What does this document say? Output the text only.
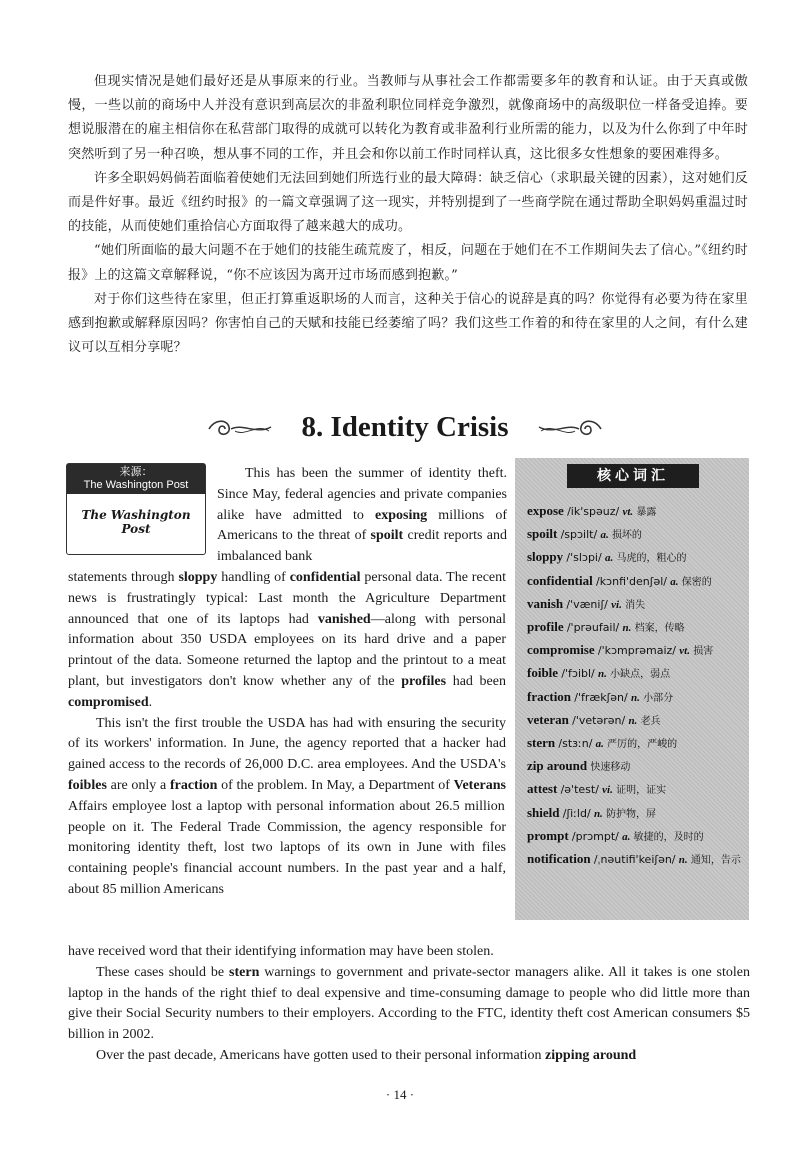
但现实情况是她们最好还是从事原来的行业。当教师与从事社会工作都需要多年的教育和认证。由于天真或傲慢，一些以前的商场中人并没有意识到高层次的非盈利职位同样竞争激烈，就像商场中的高级职位一样备受追捧。要想说服潜在的雇主相信你在私营部门取得的成就可以转化为教育或非盈利行业所需的能力，以及为什么你到了中年时突然听到了另一种召唤，想从事不同的工作，并且会和你以前工作时同样认真，这比很多女性想象的要困难得多。

许多全职妈妈倘若面临着使她们无法回到她们所选行业的最大障碍：缺乏信心（求职最关键的因素），这对她们反而是件好事。最近《纽约时报》的一篇文章强调了这一现实，并特别提到了一些商学院在通过帮助全职妈妈重温过时的技能，从而使她们重拾信心方面取得了越来越大的成功。

“她们所面临的最大问题不在于她们的技能生疏荒废了，相反，问题在于她们在不工作期间失去了信心。”《纽约时报》上的这篇文章解释说，“你不应该因为离开过市场而感到抱歉。”

对于你们这些待在家里，但正打算重返职场的人而言，这种关于信心的说辞是真的吗？你觉得有必要为待在家里感到抱歉或解释原因吗？你害怕自己的天赋和技能已经萎缩了吗？我们这些工作着的和待在家里的人之间，有什么建议可以互相分享呢？

8. Identity Crisis
来源：
The Washington Post
The Washington Post
核心词汇
expose /ik'spəuz/ vt. 暴露
spoilt /spɔilt/ a. 损坏的
sloppy /'slɔpi/ a. 马虎的，粗心的
confidential /kɔnfi'denʃəl/ a. 保密的
vanish /'væniʃ/ vi. 消失
profile /'prəufail/ n. 档案，传略
compromise /'kɔmprəmaiz/ vt. 损害
foible /'fɔibl/ n. 小缺点，弱点
fraction /'frækʃən/ n. 小部分
veteran /'vetərən/ n. 老兵
stern /stɜːn/ a. 严厉的，严峻的
zip around 快速移动
attest /ə'test/ vi. 证明，证实
shield /ʃiːld/ n. 防护物，屏
prompt /prɔmpt/ a. 敏捷的，及时的
notification /ˌnəutifi'keiʃən/ n. 通知，告示

This has been the summer of identity theft. Since May, federal agencies and private companies alike have admitted to exposing millions of Americans to the threat of spoilt credit reports and imbalanced bank

statements through sloppy handling of confidential personal data. The recent news is frustratingly typical: Last month the Agriculture Department announced that one of its laptops had vanished—along with personal information about 350 USDA employees on its hard drive and a paper printout of the data. Someone returned the laptop and the printout to a meat plant, but investigators don't know whether any of the profiles had been compromised.

This isn't the first trouble the USDA has had with ensuring the security of its workers' information. In June, the agency reported that a hacker had gained access to the records of 26,000 D.C. area employees. And the USDA's foibles are only a fraction of the problem. In May, a Department of Veterans Affairs employee lost a laptop with personal information about 26.5 million people on it. The Federal Trade Commission, the agency responsible for monitoring identity theft, lost two laptops of its own in June with files containing people's financial account numbers. In the past year and a half, about 85 million Americans

have received word that their identifying information may have been stolen.

These cases should be stern warnings to government and private-sector managers alike. All it takes is one stolen laptop in the hands of the right thief to deal expensive and time-consuming damage to people who did little more than give their Social Security numbers to their employers. According to the FTC, identity theft cost American consumers $5 billion in 2002.

Over the past decade, Americans have gotten used to their personal information zipping around

· 14 ·
